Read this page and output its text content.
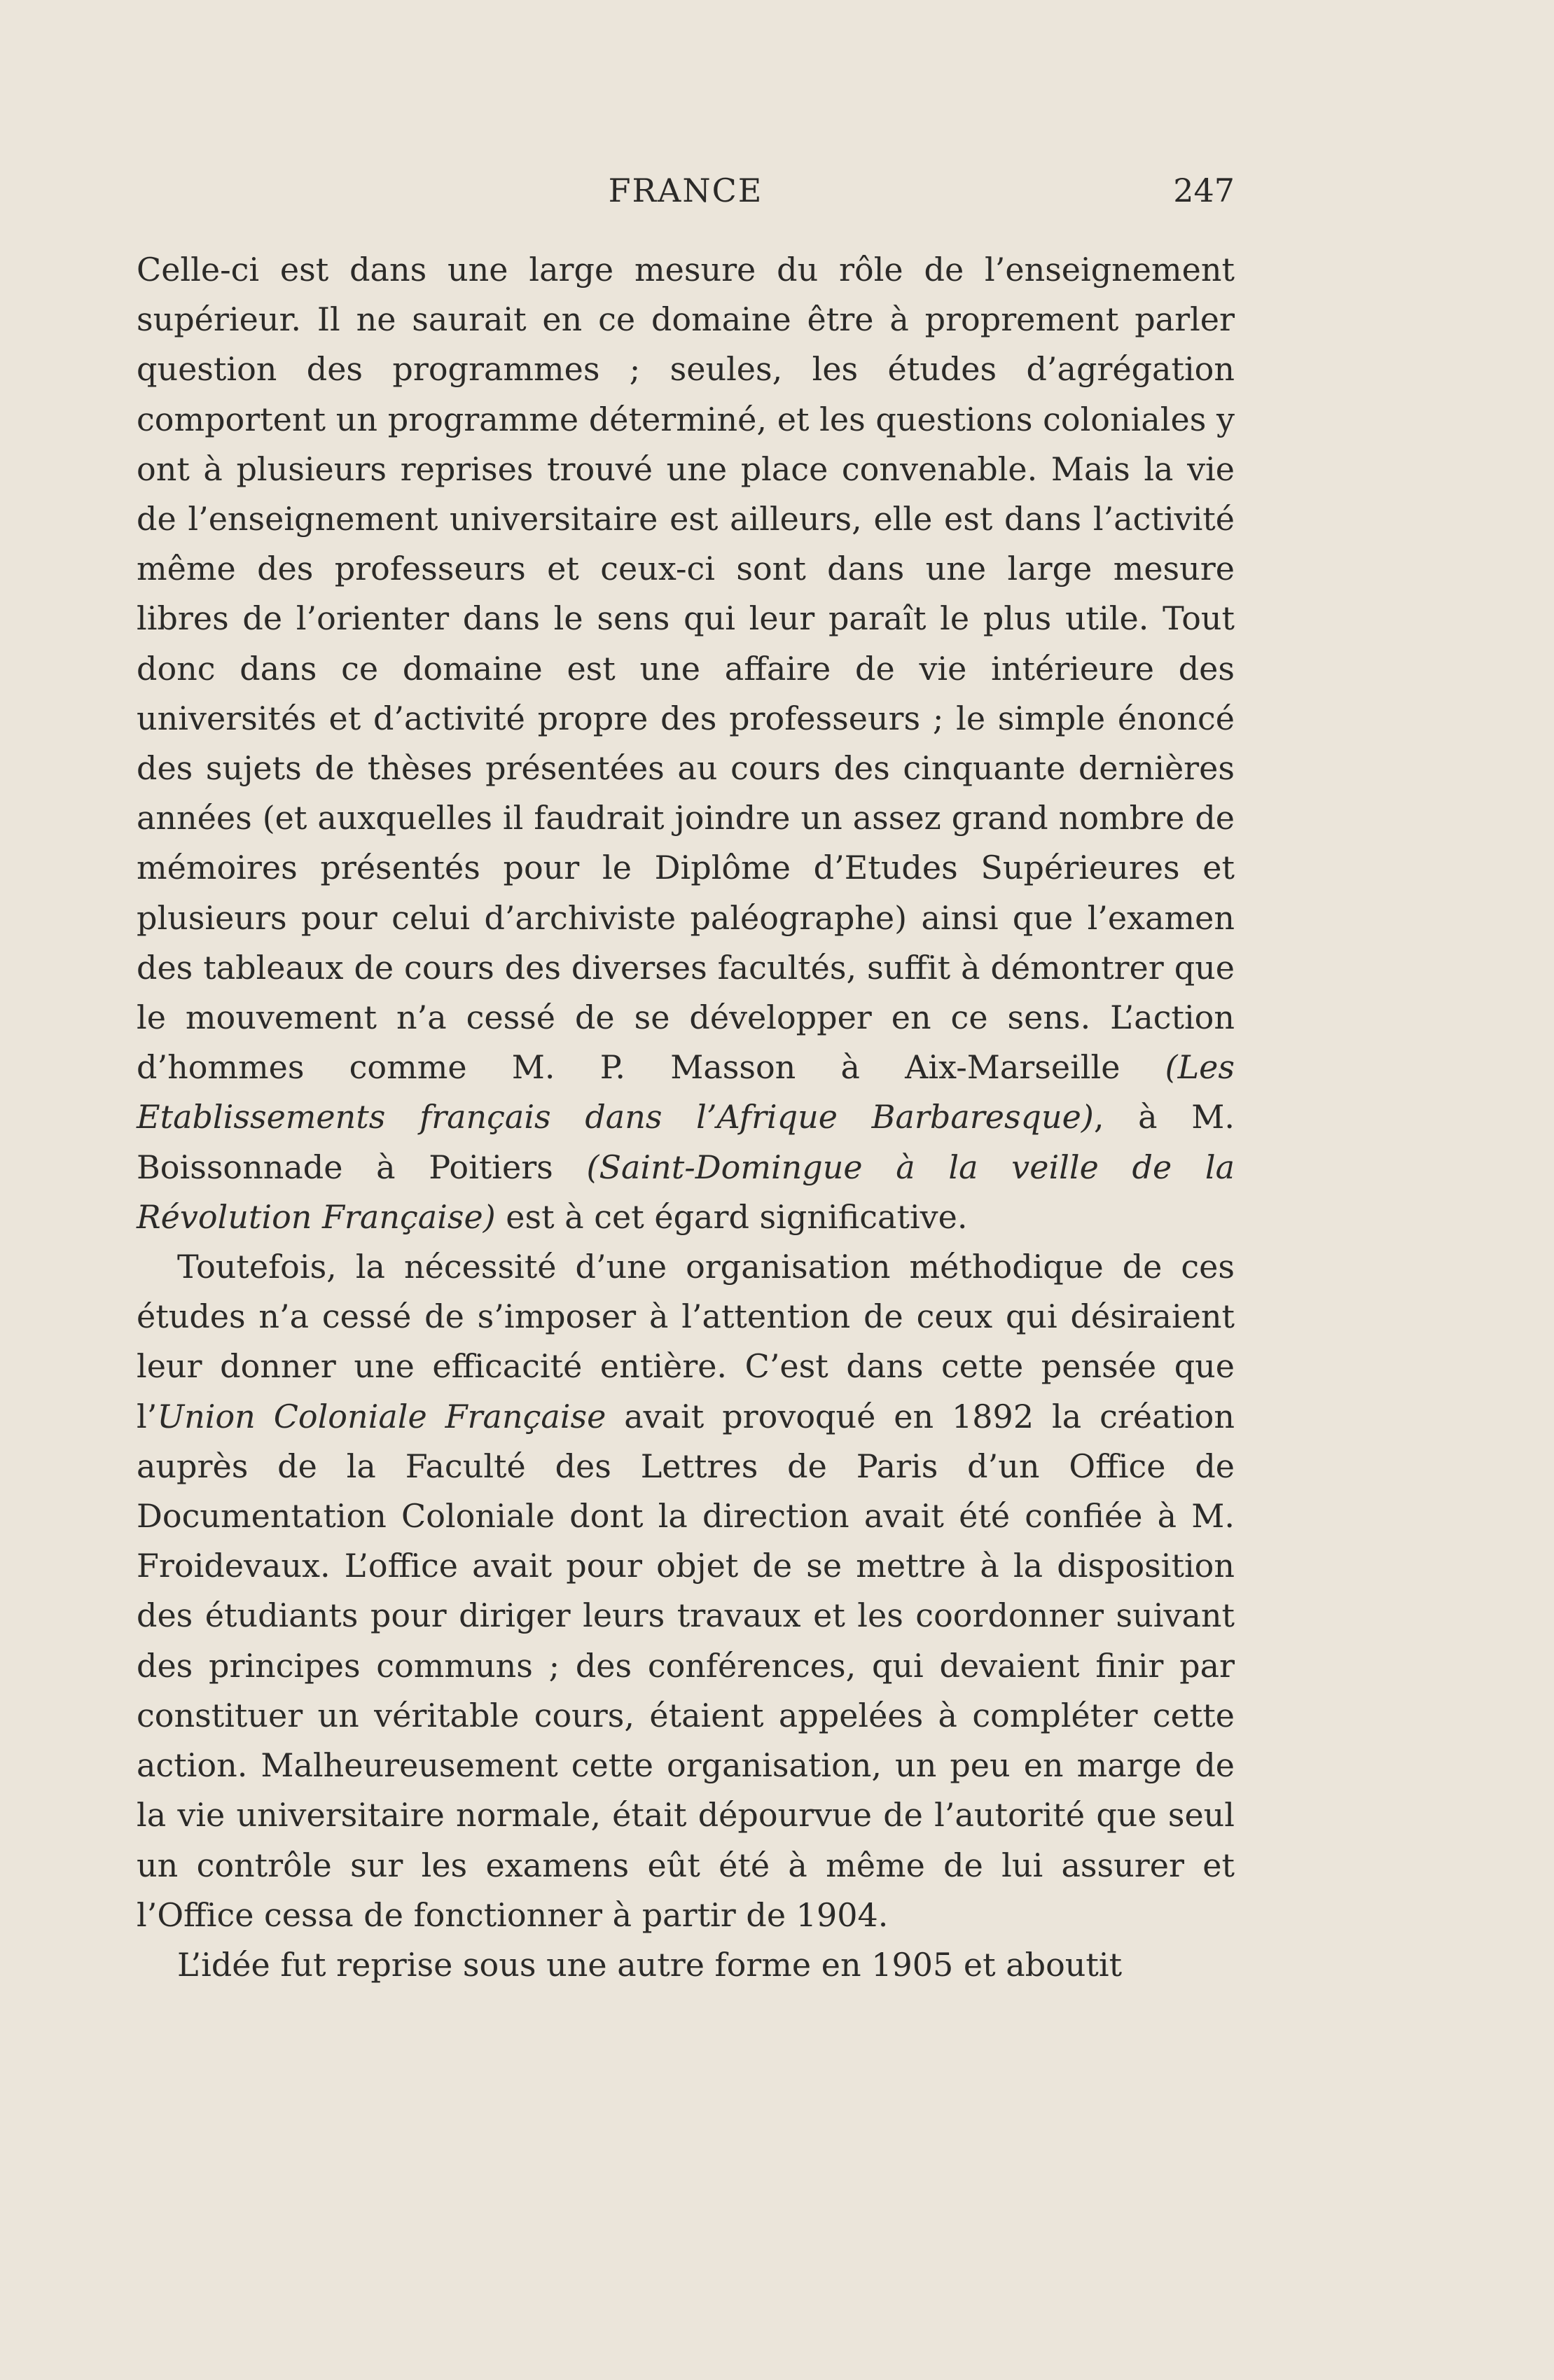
FRANCE	247

Celle-ci est dans une large mesure du rôle de l’enseignement supérieur. Il ne saurait en ce domaine être à proprement parler question des programmes ; seules, les études d’agrégation comportent un programme déterminé, et les questions coloniales y ont à plusieurs reprises trouvé une place convenable. Mais la vie de l’enseignement universitaire est ailleurs, elle est dans l’activité même des professeurs et ceux-ci sont dans une large mesure libres de l’orienter dans le sens qui leur paraît le plus utile. Tout donc dans ce domaine est une affaire de vie intérieure des universités et d’activité propre des professeurs ; le simple énoncé des sujets de thèses présentées au cours des cinquante dernières années (et auxquelles il faudrait joindre un assez grand nombre de mémoires présentés pour le Diplôme d’Etudes Supérieures et plusieurs pour celui d’archiviste paléographe) ainsi que l’examen des tableaux de cours des diverses facultés, suffit à démontrer que le mouvement n’a cessé de se développer en ce sens. L’action d’hommes comme M. P. Masson à Aix-Marseille (Les Etablissements français dans l’Afrique Barbaresque), à M. Boissonnade à Poitiers (Saint-Domingue à la veille de la Révolution Française) est à cet égard significative.

Toutefois, la nécessité d’une organisation méthodique de ces études n’a cessé de s’imposer à l’attention de ceux qui désiraient leur donner une efficacité entière. C’est dans cette pensée que l’Union Coloniale Française avait provoqué en 1892 la création auprès de la Faculté des Lettres de Paris d’un Office de Documentation Coloniale dont la direction avait été confiée à M. Froidevaux. L’office avait pour objet de se mettre à la disposition des étudiants pour diriger leurs travaux et les coordonner suivant des principes communs ; des conférences, qui devaient finir par constituer un véritable cours, étaient appelées à compléter cette action. Malheureusement cette organisation, un peu en marge de la vie universitaire normale, était dépourvue de l’autorité que seul un contrôle sur les examens eût été à même de lui assurer et l’Office cessa de fonctionner à partir de 1904.

L’idée fut reprise sous une autre forme en 1905 et aboutit
